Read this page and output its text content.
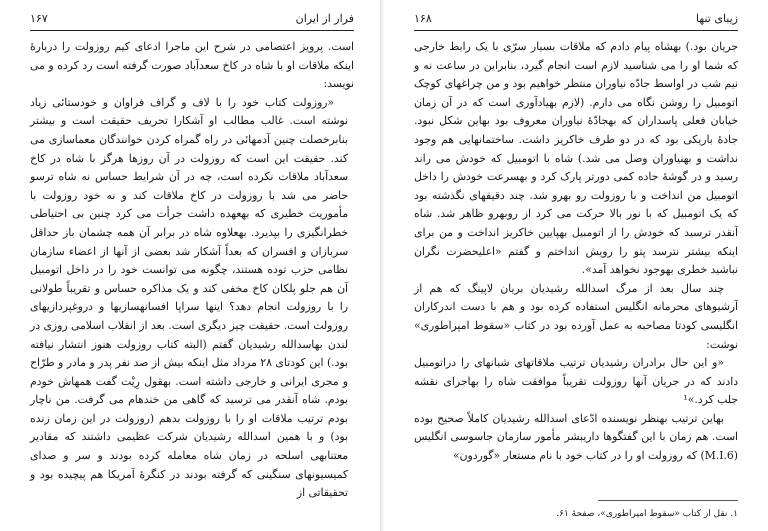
۱۶۷	فرار از ایران

است. پرویز اعتصامی در شرح این ماجرا ادعای کیم روزولت را دربارهٔ اینکه ملاقات او با شاه در کاخ سعدآباد صورت گرفته است رد کرده و می نویسد:

«روزولت کتاب خود را با لاف و گزاف فراوان و خودستائی زیاد نوشته است. غالب مطالب او آشکارا تحریف حقیقت است و بیشتر بنابرخصلت چنین آدمهائی در راه گمراه کردن خوانندگان معماسازی می کند. حقیقت این است که روزولت در آن روزها هرگز با شاه در کاخ سعدآباد ملاقات نکرده است، چه در آن شرایط حساس نه شاه ترسو حاضر می شد با روزولت در کاخ ملاقات کند و نه خود روزولت با مأموریت خطیری که بهعهده داشت جرأت می کرد چنین بی احتیاطی خطرانگیزی را بپذیرد. بهعلاوه شاه در برابر آن همه چشمان باز حداقل سربازان و افسران که بعداً آشکار شد بعضی از آنها از اعضاء سازمان نظامی حزب توده هستند، چگونه می توانست خود را در داخل اتومبیل آن هم جلو پلکان کاخ مخفی کند و یک مذاکره حساس و تقریباً طولانی را با روزولت انجام دهد؟ اینها سراپا افسانهسازیها و دروغپردازیهای روزولت است. حقیقت چیز دیگری است. بعد از انقلاب اسلامی روزی در لندن بهاسدالله رشیدیان گفتم (البته کتاب روزولت هنوز انتشار نیافته بود.) این کودتای ۲۸ مرداد مثل اینکه بیش از صد نفر پدر و مادر و طرّاح و مجری ایرانی و خارجی داشته است. بهقول رِیْت گفت همهاش خودم بودم. شاه آنقدر می ترسید که گاهی من خندهام می گرفت. من ناچار بودم ترتیب ملاقات او را با روزولت بدهم (روزولت در این زمان زنده بود) و با همین اسدالله رشیدیان شرکت عظیمی داشتند که مقادیر معتنابهی اسلحه در زمان شاه معامله کرده بودند و سر و صدای کمیسیونهای سنگینی که گرفته بودند در کنگرهٔ آمریکا هم پیچیده بود و تحقیقاتی از

۱۶۸	زیبای تنها

جریان بود.) بهشاه پیام دادم که ملاقات بسیار سرّی با یک رابط خارجی که شما او را می شناسید لازم است انجام گیرد، بنابراین در ساعت نه و نیم شب در اواسط جادّه نیاوران منتظر خواهیم بود و من چراغهای کوچک اتومبیل را روشن نگاه می دارم. (لازم بهیادآوری است که در آن زمان خیابان فعلی پاسداران که بهجادّهٔ نیاوران معروف بود بهاین شکل نبود. جادهٔ باریکی بود که در دو طرف خاکریز داشت. ساختمانهایی هم وجود نداشت و بهنیاوران وصل می شد.) شاه با اتومبیل که خودش می راند رسید و در گوشهٔ جاده کمی دورتر پارک کرد و بهسرعت خودش را داخل اتومبیل من انداخت و با روزولت رو بهرو شد. چند دقیقهای نگذشته بود که یک اتومبیل که با نور بالا حرکت می کرد از روبهرو ظاهر شد. شاه آنقدر ترسید که خودش را از اتومبیل بهپایین خاکریز انداخت و من برای اینکه بیشتر نترسد پتو را رویش انداختم و گفتم «اعلیحضرت نگران نباشید خطری بهوجود نخواهد آمد».

چند سال بعد از مرگ اسدالله رشیدیان بریان لاپینگ که هم از آرشیوهای محرمانه انگلیس استفاده کرده بود و هم با دست اندرکاران انگلیسی کودتا مصاحبه به عمل آورده بود در کتاب «سقوط امپراطوری» نوشت:

«و این حال برادران رشیدیان ترتیب ملاقاتهای شبانهای را دراتومبیل دادند که در جریان آنها روزولت تقریباً موافقت شاه را بهاجرای نقشه جلب کرد.»¹

بهاین ترتیب بهنظر نویسنده ادّعای اسدالله رشیدیان کاملاً صحیح بوده است. هم زمان با این گفتگوها داریبشر مأمور سازمان جاسوسی انگلیس (M.I.6) که روزولت او را در کتاب خود با نام مستعار «گوردون»

۱. نقل از کتاب «سقوط امپراطوری»، صفحهٔ ۶۱.
